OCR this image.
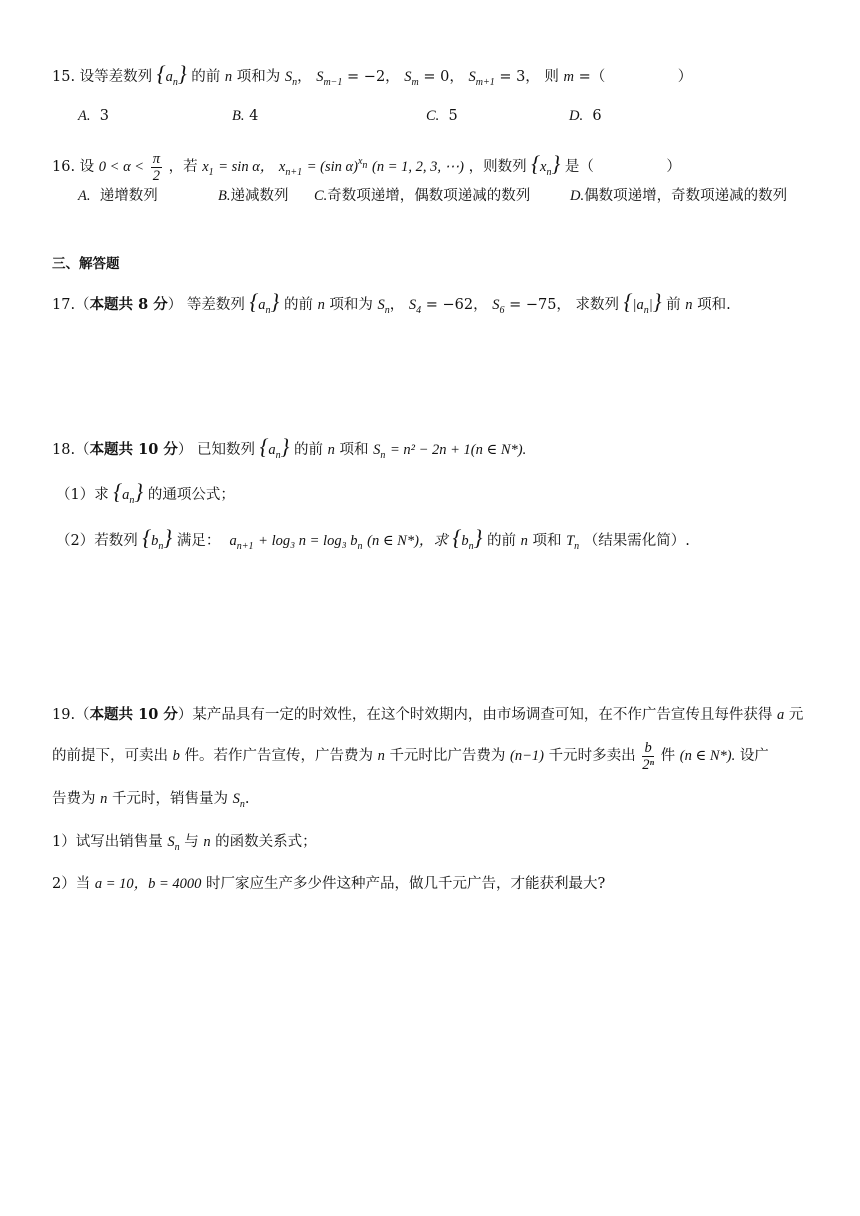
15. 设等差数列 $\{a_n\}$ 的前 n 项和为 $S_n$， $S_{m-1} = -2$， $S_m = 0$， $S_{m+1} = 3$， 则 m =（　　　　　）
A. 3	B. 4	C. 5	D. 6
16. 设 $0 < \alpha < \frac{\pi}{2}$ ，若 $x_1 = \sin \alpha$， $x_{n+1} = (\sin$ α)$^{x_n}$ (n = 1, 2, 3, ⋯) ，则数列 $\{x_n\}$ 是（　　　　　）
A. 递增数列	B.递减数列 C.奇数项递增，偶数项递减的数列	D.偶数项递增，奇数项递减的数列
三、解答题
17.（本题共 8 分） 等差数列 $\{a_n\}$ 的前 n 项和为 $S_n$， $S_4 = -62$， $S_6 = -75$， 求数列 $\{|a_n|\}$ 前 n 项和.
18.（本题共 10 分） 已知数列 $\{a_n\}$ 的前 n 项和 $S_n = n^2 - 2n + 1(n$ ∈ N*).
（1）求 $\{a_n\}$ 的通项公式；
（2）若数列 $\{b_n\}$ 满足： $a_{n+1} + \log_3$ n = log₃ $b_n$ (n ∈ N*)，求 $\{b_n\}$ 的前 n 项和 $T_n$ （结果需化简）.
19.（本题共 10 分）某产品具有一定的时效性，在这个时效期内，由市场调查可知，在不作广告宣传且每件获得 a 元
的前提下，可卖出 b 件。若作广告宣传，广告费为 n 千元时比广告费为 (n−1) 千元时多卖出 $\frac{b}{\text{2ⁿ}}$ 件 (n ∈ N*). 设广
告费为 n 千元时，销售量为 $S_n$.
1）试写出销售量 $S_n$ 与 n 的函数关系式；
2）当 a = 10，b = 4000 时厂家应生产多少件这种产品，做几千元广告，才能获利最大?
